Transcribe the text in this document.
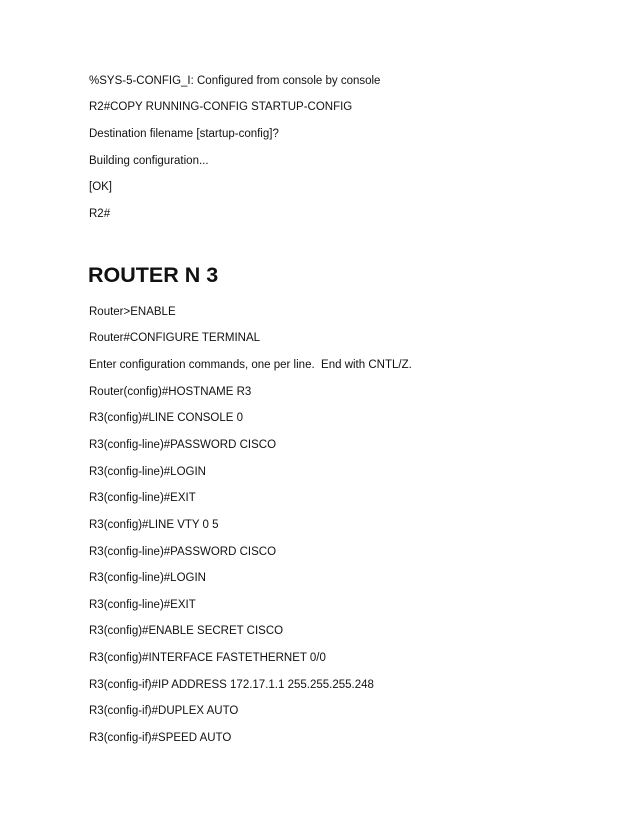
%SYS-5-CONFIG_I: Configured from console by console
R2#COPY RUNNING-CONFIG STARTUP-CONFIG
Destination filename [startup-config]?
Building configuration...
[OK]
R2#
ROUTER N 3
Router>ENABLE
Router#CONFIGURE TERMINAL
Enter configuration commands, one per line.  End with CNTL/Z.
Router(config)#HOSTNAME R3
R3(config)#LINE CONSOLE 0
R3(config-line)#PASSWORD CISCO
R3(config-line)#LOGIN
R3(config-line)#EXIT
R3(config)#LINE VTY 0 5
R3(config-line)#PASSWORD CISCO
R3(config-line)#LOGIN
R3(config-line)#EXIT
R3(config)#ENABLE SECRET CISCO
R3(config)#INTERFACE FASTETHERNET 0/0
R3(config-if)#IP ADDRESS 172.17.1.1 255.255.255.248
R3(config-if)#DUPLEX AUTO
R3(config-if)#SPEED AUTO
